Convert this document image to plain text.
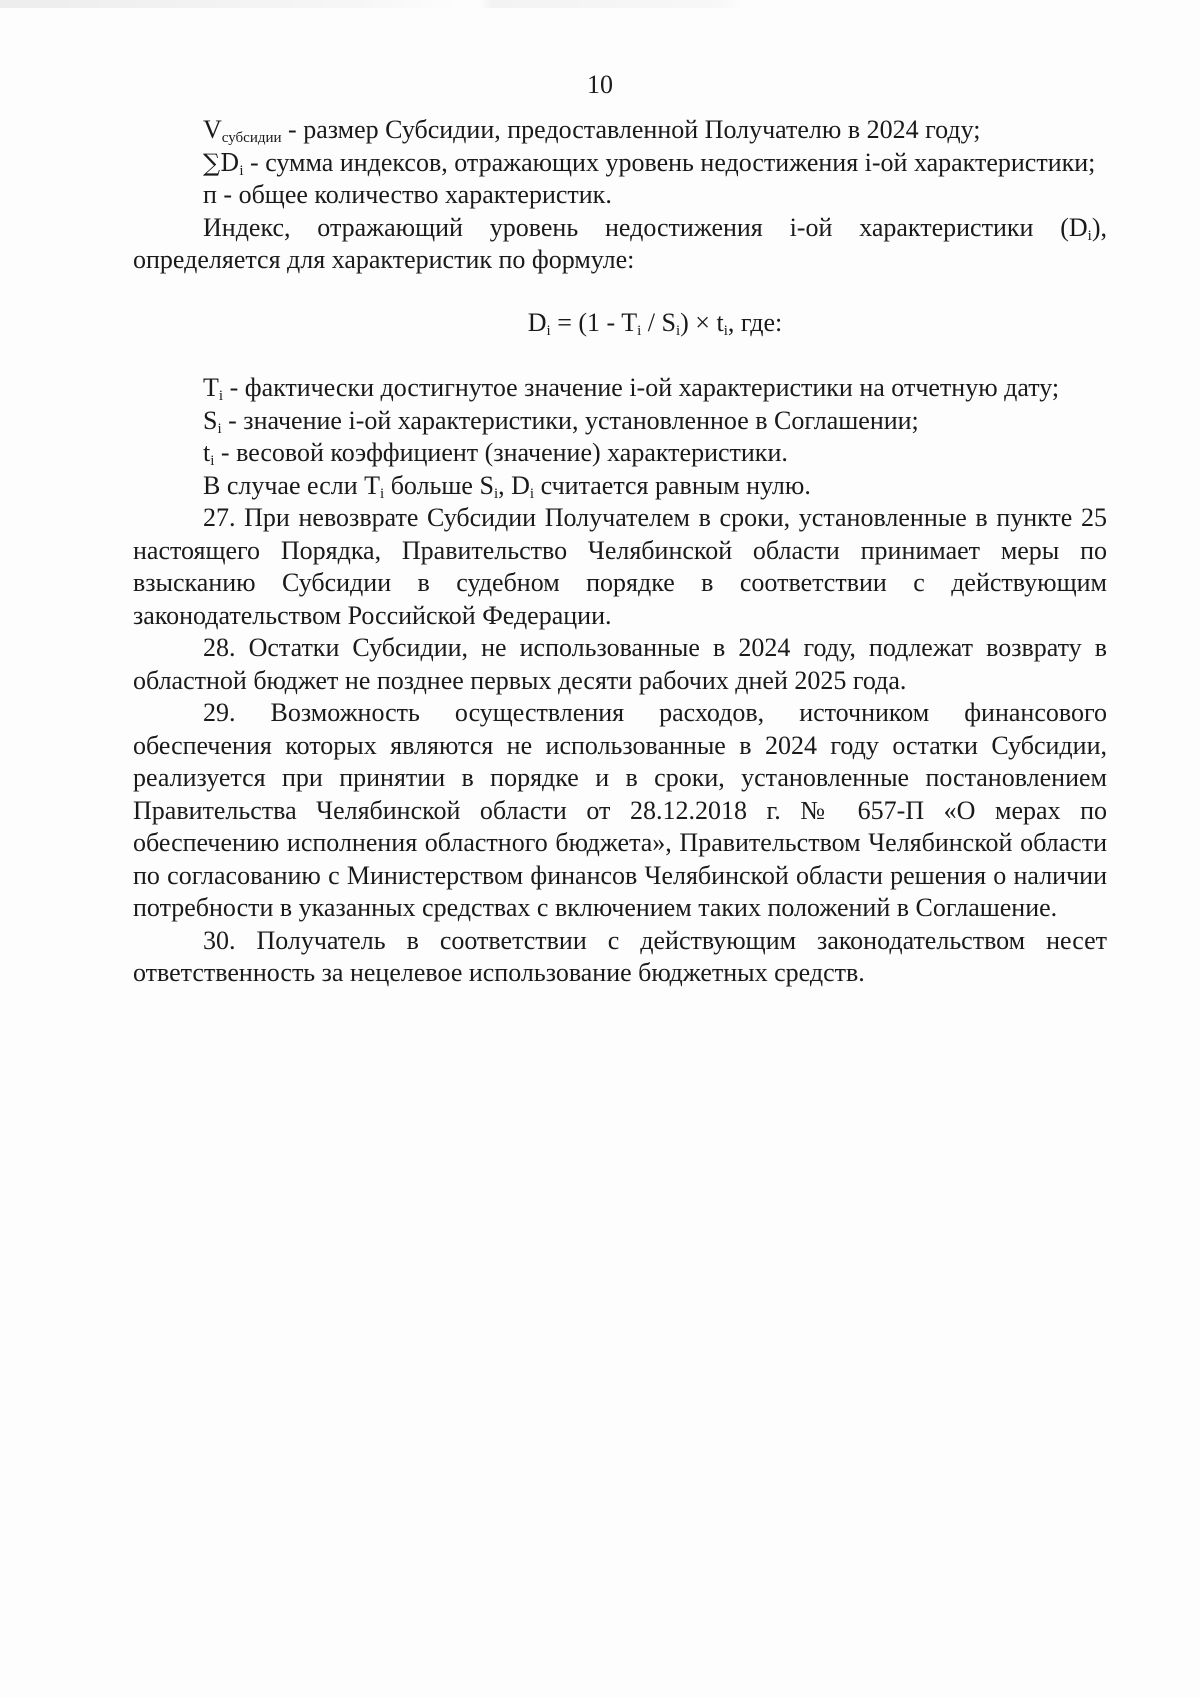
10

$V_{субсидии}$ - размер Субсидии, предоставленной Получателю в 2024 году;

$\sum D_i$ - сумма индексов, отражающих уровень недостижения i-ой характеристики;

п - общее количество характеристик.

Индекс, отражающий уровень недостижения i-ой характеристики $(D_i)$, определяется для характеристик по формуле:

$D_i = (1 - T_i / S_i) \times t_i$, где:

$T_i$ - фактически достигнутое значение i-ой характеристики на отчетную дату;

$S_i$ - значение i-ой характеристики, установленное в Соглашении;

$t_i$ - весовой коэффициент (значение) характеристики.

В случае если $T_i$ больше $S_i$, $D_i$ считается равным нулю.

27. При невозврате Субсидии Получателем в сроки, установленные в пункте 25 настоящего Порядка, Правительство Челябинской области принимает меры по взысканию Субсидии в судебном порядке в соответствии с действующим законодательством Российской Федерации.

28. Остатки Субсидии, не использованные в 2024 году, подлежат возврату в областной бюджет не позднее первых десяти рабочих дней 2025 года.

29. Возможность осуществления расходов, источником финансового обеспечения которых являются не использованные в 2024 году остатки Субсидии, реализуется при принятии в порядке и в сроки, установленные постановлением Правительства Челябинской области от 28.12.2018 г. № 657-П «О мерах по обеспечению исполнения областного бюджета», Правительством Челябинской области по согласованию с Министерством финансов Челябинской области решения о наличии потребности в указанных средствах с включением таких положений в Соглашение.

30. Получатель в соответствии с действующим законодательством несет ответственность за нецелевое использование бюджетных средств.
